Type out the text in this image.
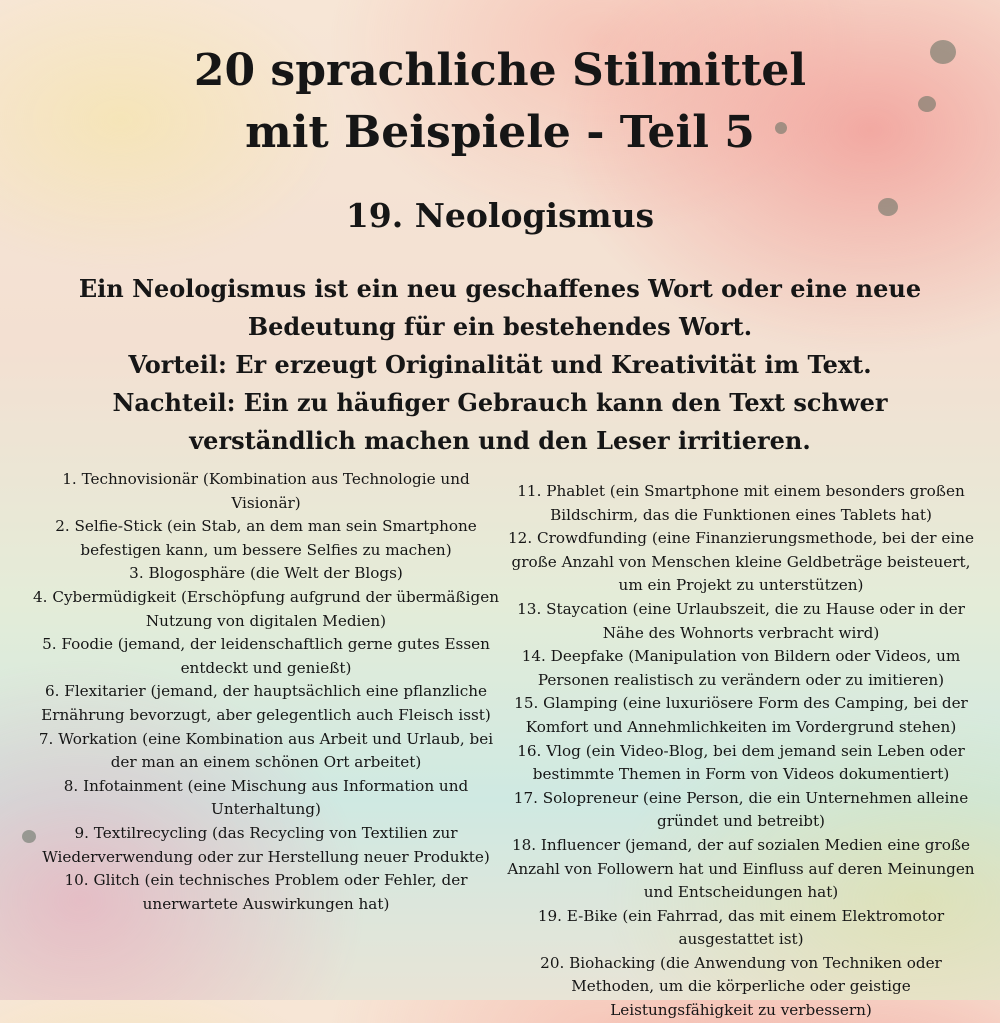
20 sprachliche Stilmittel
mit Beispiele - Teil 5
19. Neologismus
Ein Neologismus ist ein neu geschaffenes Wort oder eine neue
Bedeutung für ein bestehendes Wort.
Vorteil: Er erzeugt Originalität und Kreativität im Text.
Nachteil: Ein zu häufiger Gebrauch kann den Text schwer
verständlich machen und den Leser irritieren.
1. Technovisionär (Kombination aus Technologie und Visionär)
2. Selfie-Stick (ein Stab, an dem man sein Smartphone befestigen kann, um bessere Selfies zu machen)
3. Blogosphäre (die Welt der Blogs)
4. Cybermüdigkeit (Erschöpfung aufgrund der übermäßigen Nutzung von digitalen Medien)
5. Foodie (jemand, der leidenschaftlich gerne gutes Essen entdeckt und genießt)
6. Flexitarier (jemand, der hauptsächlich eine pflanzliche Ernährung bevorzugt, aber gelegentlich auch Fleisch isst)
7. Workation (eine Kombination aus Arbeit und Urlaub, bei der man an einem schönen Ort arbeitet)
8. Infotainment (eine Mischung aus Information und Unterhaltung)
9. Textilrecycling (das Recycling von Textilien zur Wiederverwendung oder zur Herstellung neuer Produkte)
10. Glitch (ein technisches Problem oder Fehler, der unerwartete Auswirkungen hat)
11. Phablet (ein Smartphone mit einem besonders großen Bildschirm, das die Funktionen eines Tablets hat)
12. Crowdfunding (eine Finanzierungsmethode, bei der eine große Anzahl von Menschen kleine Geldbeträge beisteuert, um ein Projekt zu unterstützen)
13. Staycation (eine Urlaubszeit, die zu Hause oder in der Nähe des Wohnorts verbracht wird)
14. Deepfake (Manipulation von Bildern oder Videos, um Personen realistisch zu verändern oder zu imitieren)
15. Glamping (eine luxuriösere Form des Camping, bei der Komfort und Annehmlichkeiten im Vordergrund stehen)
16. Vlog (ein Video-Blog, bei dem jemand sein Leben oder bestimmte Themen in Form von Videos dokumentiert)
17. Solopreneur (eine Person, die ein Unternehmen alleine gründet und betreibt)
18. Influencer (jemand, der auf sozialen Medien eine große Anzahl von Followern hat und Einfluss auf deren Meinungen und Entscheidungen hat)
19. E-Bike (ein Fahrrad, das mit einem Elektromotor ausgestattet ist)
20. Biohacking (die Anwendung von Techniken oder Methoden, um die körperliche oder geistige Leistungsfähigkeit zu verbessern)
